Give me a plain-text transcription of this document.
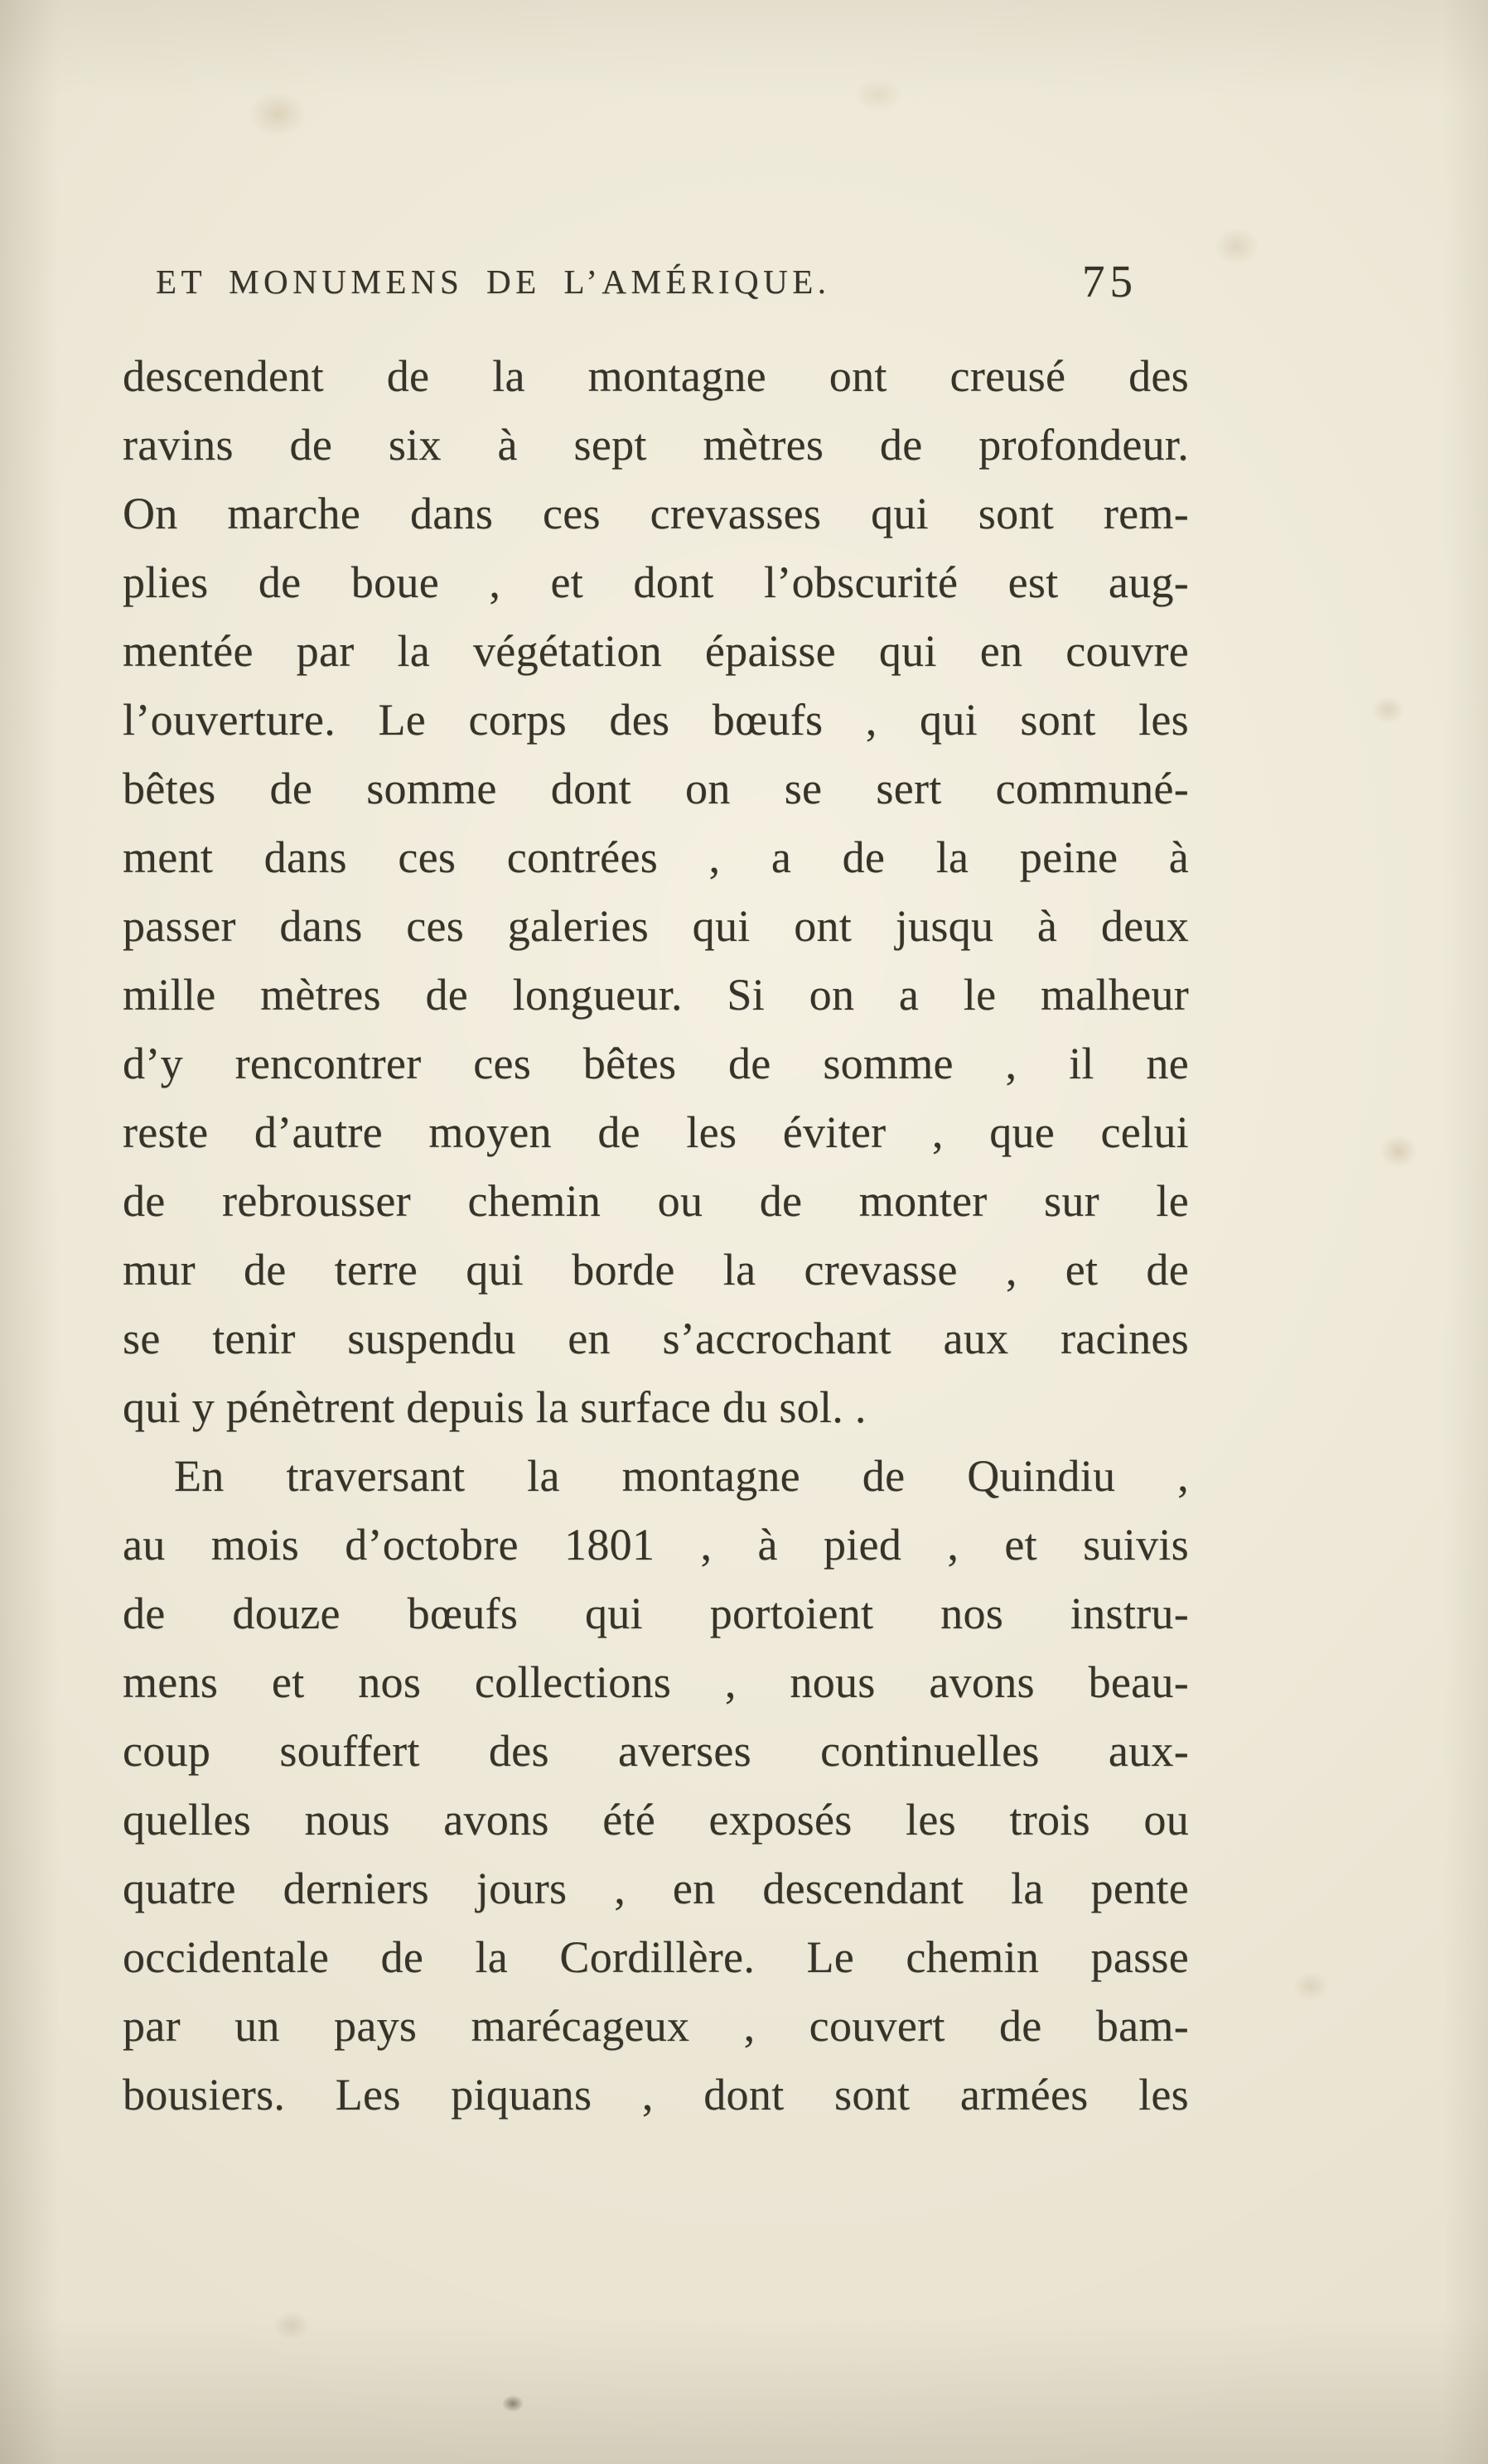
ET MONUMENS DE L’AMÉRIQUE.	75
descendent de la montagne ont creusé des
ravins de six à sept mètres de profondeur.
On marche dans ces crevasses qui sont rem-
plies de boue , et dont l’obscurité est aug-
mentée par la végétation épaisse qui en couvre
l’ouverture. Le corps des bœufs , qui sont les
bêtes de somme dont on se sert communé-
ment dans ces contrées , a de la peine à
passer dans ces galeries qui ont jusqu à deux
mille mètres de longueur. Si on a le malheur
d’y rencontrer ces bêtes de somme , il ne
reste d’autre moyen de les éviter , que celui
de rebrousser chemin ou de monter sur le
mur de terre qui borde la crevasse , et de
se tenir suspendu en s’accrochant aux racines
qui y pénètrent depuis la surface du sol. .
En traversant la montagne de Quindiu ,
au mois d’octobre 1801 , à pied , et suivis
de douze bœufs qui portoient nos instru-
mens et nos collections , nous avons beau-
coup souffert des averses continuelles aux-
quelles nous avons été exposés les trois ou
quatre derniers jours , en descendant la pente
occidentale de la Cordillère. Le chemin passe
par un pays marécageux , couvert de bam-
bousiers. Les piquans , dont sont armées les
